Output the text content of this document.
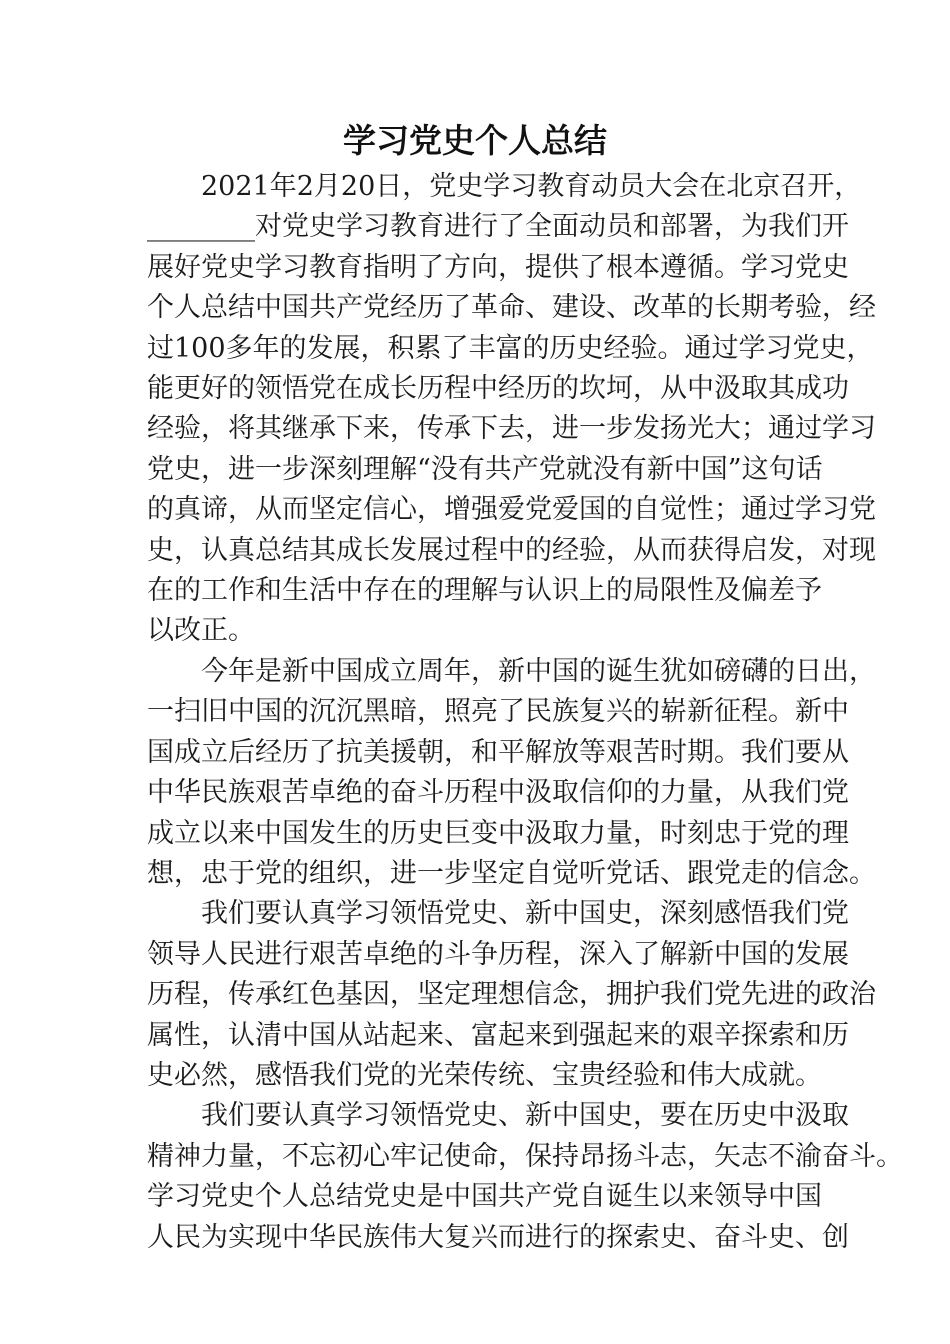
学习党史个人总结
2021年2月20日，党史学习教育动员大会在北京召开，
________对党史学习教育进行了全面动员和部署，为我们开
展好党史学习教育指明了方向，提供了根本遵循。学习党史
个人总结中国共产党经历了革命、建设、改革的长期考验，经
过100多年的发展，积累了丰富的历史经验。通过学习党史，
能更好的领悟党在成长历程中经历的坎坷，从中汲取其成功
经验，将其继承下来，传承下去，进一步发扬光大；通过学习
党史，进一步深刻理解“没有共产党就没有新中国”这句话
的真谛，从而坚定信心，增强爱党爱国的自觉性；通过学习党
史，认真总结其成长发展过程中的经验，从而获得启发，对现
在的工作和生活中存在的理解与认识上的局限性及偏差予
以改正。
今年是新中国成立周年，新中国的诞生犹如磅礴的日出，
一扫旧中国的沉沉黑暗，照亮了民族复兴的崭新征程。新中
国成立后经历了抗美援朝，和平解放等艰苦时期。我们要从
中华民族艰苦卓绝的奋斗历程中汲取信仰的力量，从我们党
成立以来中国发生的历史巨变中汲取力量，时刻忠于党的理
想，忠于党的组织，进一步坚定自觉听党话、跟党走的信念。
我们要认真学习领悟党史、新中国史，深刻感悟我们党
领导人民进行艰苦卓绝的斗争历程，深入了解新中国的发展
历程，传承红色基因，坚定理想信念，拥护我们党先进的政治
属性，认清中国从站起来、富起来到强起来的艰辛探索和历
史必然，感悟我们党的光荣传统、宝贵经验和伟大成就。
我们要认真学习领悟党史、新中国史，要在历史中汲取
精神力量，不忘初心牢记使命，保持昂扬斗志，矢志不渝奋斗。
学习党史个人总结党史是中国共产党自诞生以来领导中国
人民为实现中华民族伟大复兴而进行的探索史、奋斗史、创
